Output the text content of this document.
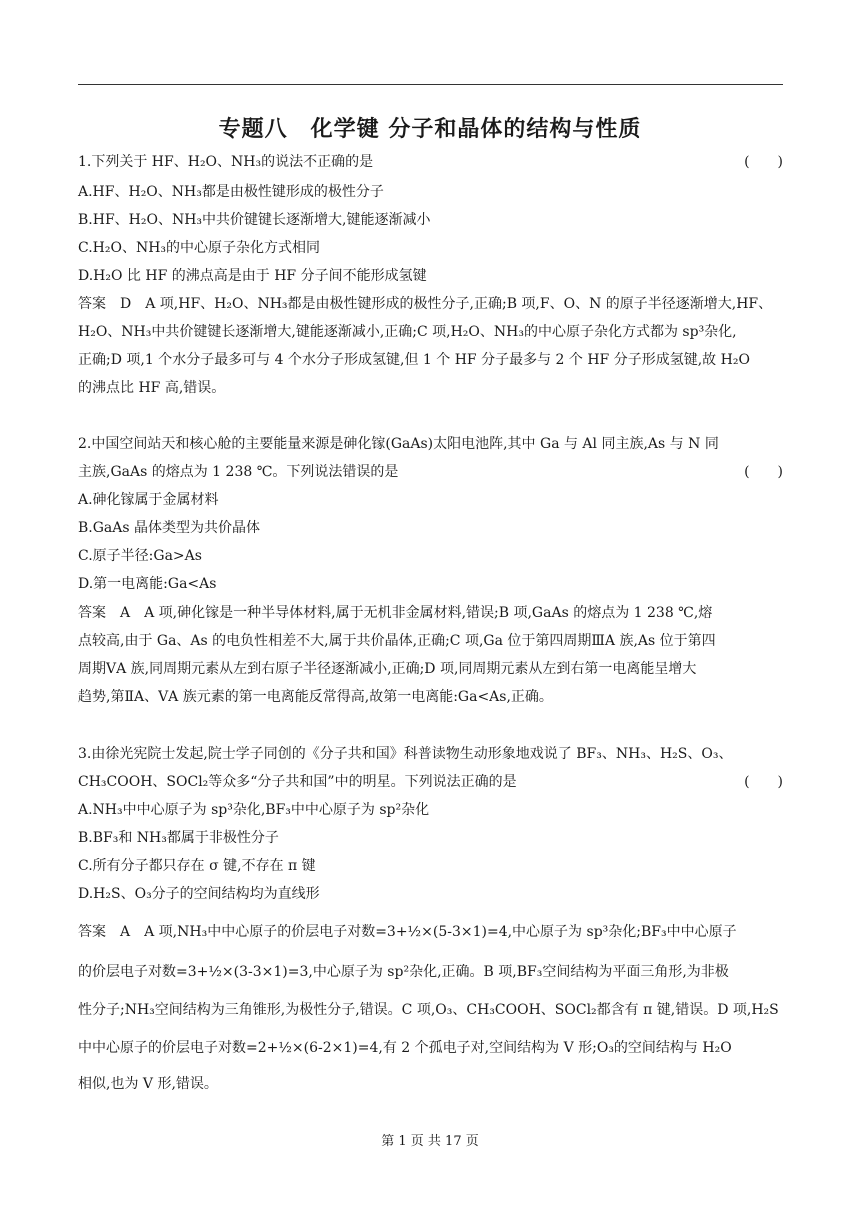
专题八　化学键 分子和晶体的结构与性质
1.下列关于 HF、H₂O、NH₃的说法不正确的是	(　　)
A.HF、H₂O、NH₃都是由极性键形成的极性分子
B.HF、H₂O、NH₃中共价键键长逐渐增大,键能逐渐减小
C.H₂O、NH₃的中心原子杂化方式相同
D.H₂O 比 HF 的沸点高是由于 HF 分子间不能形成氢键
答案　D　A 项,HF、H₂O、NH₃都是由极性键形成的极性分子,正确;B 项,F、O、N 的原子半径逐渐增大,HF、
H₂O、NH₃中共价键键长逐渐增大,键能逐渐减小,正确;C 项,H₂O、NH₃的中心原子杂化方式都为 sp³杂化,
正确;D 项,1 个水分子最多可与 4 个水分子形成氢键,但 1 个 HF 分子最多与 2 个 HF 分子形成氢键,故 H₂O
的沸点比 HF 高,错误。
2.中国空间站天和核心舱的主要能量来源是砷化镓(GaAs)太阳电池阵,其中 Ga 与 Al 同主族,As 与 N 同
主族,GaAs 的熔点为 1 238 ℃。下列说法错误的是	(　　)
A.砷化镓属于金属材料
B.GaAs 晶体类型为共价晶体
C.原子半径:Ga>As
D.第一电离能:Ga<As
答案　A　A 项,砷化镓是一种半导体材料,属于无机非金属材料,错误;B 项,GaAs 的熔点为 1 238 ℃,熔
点较高,由于 Ga、As 的电负性相差不大,属于共价晶体,正确;C 项,Ga 位于第四周期ⅢA 族,As 位于第四
周期ⅤA 族,同周期元素从左到右原子半径逐渐减小,正确;D 项,同周期元素从左到右第一电离能呈增大
趋势,第ⅡA、ⅤA 族元素的第一电离能反常得高,故第一电离能:Ga<As,正确。
3.由徐光宪院士发起,院士学子同创的《分子共和国》科普读物生动形象地戏说了 BF₃、NH₃、H₂S、O₃、
CH₃COOH、SOCl₂等众多“分子共和国”中的明星。下列说法正确的是	(　　)
A.NH₃中中心原子为 sp³杂化,BF₃中中心原子为 sp²杂化
B.BF₃和 NH₃都属于非极性分子
C.所有分子都只存在 σ 键,不存在 π 键
D.H₂S、O₃分子的空间结构均为直线形
答案　A　A 项,NH₃中中心原子的价层电子对数=3+½×(5-3×1)=4,中心原子为 sp³杂化;BF₃中中心原子
的价层电子对数=3+½×(3-3×1)=3,中心原子为 sp²杂化,正确。B 项,BF₃空间结构为平面三角形,为非极
性分子;NH₃空间结构为三角锥形,为极性分子,错误。C 项,O₃、CH₃COOH、SOCl₂都含有 π 键,错误。D 项,H₂S
中中心原子的价层电子对数=2+½×(6-2×1)=4,有 2 个孤电子对,空间结构为 V 形;O₃的空间结构与 H₂O
相似,也为 V 形,错误。
第 1 页 共 17 页
